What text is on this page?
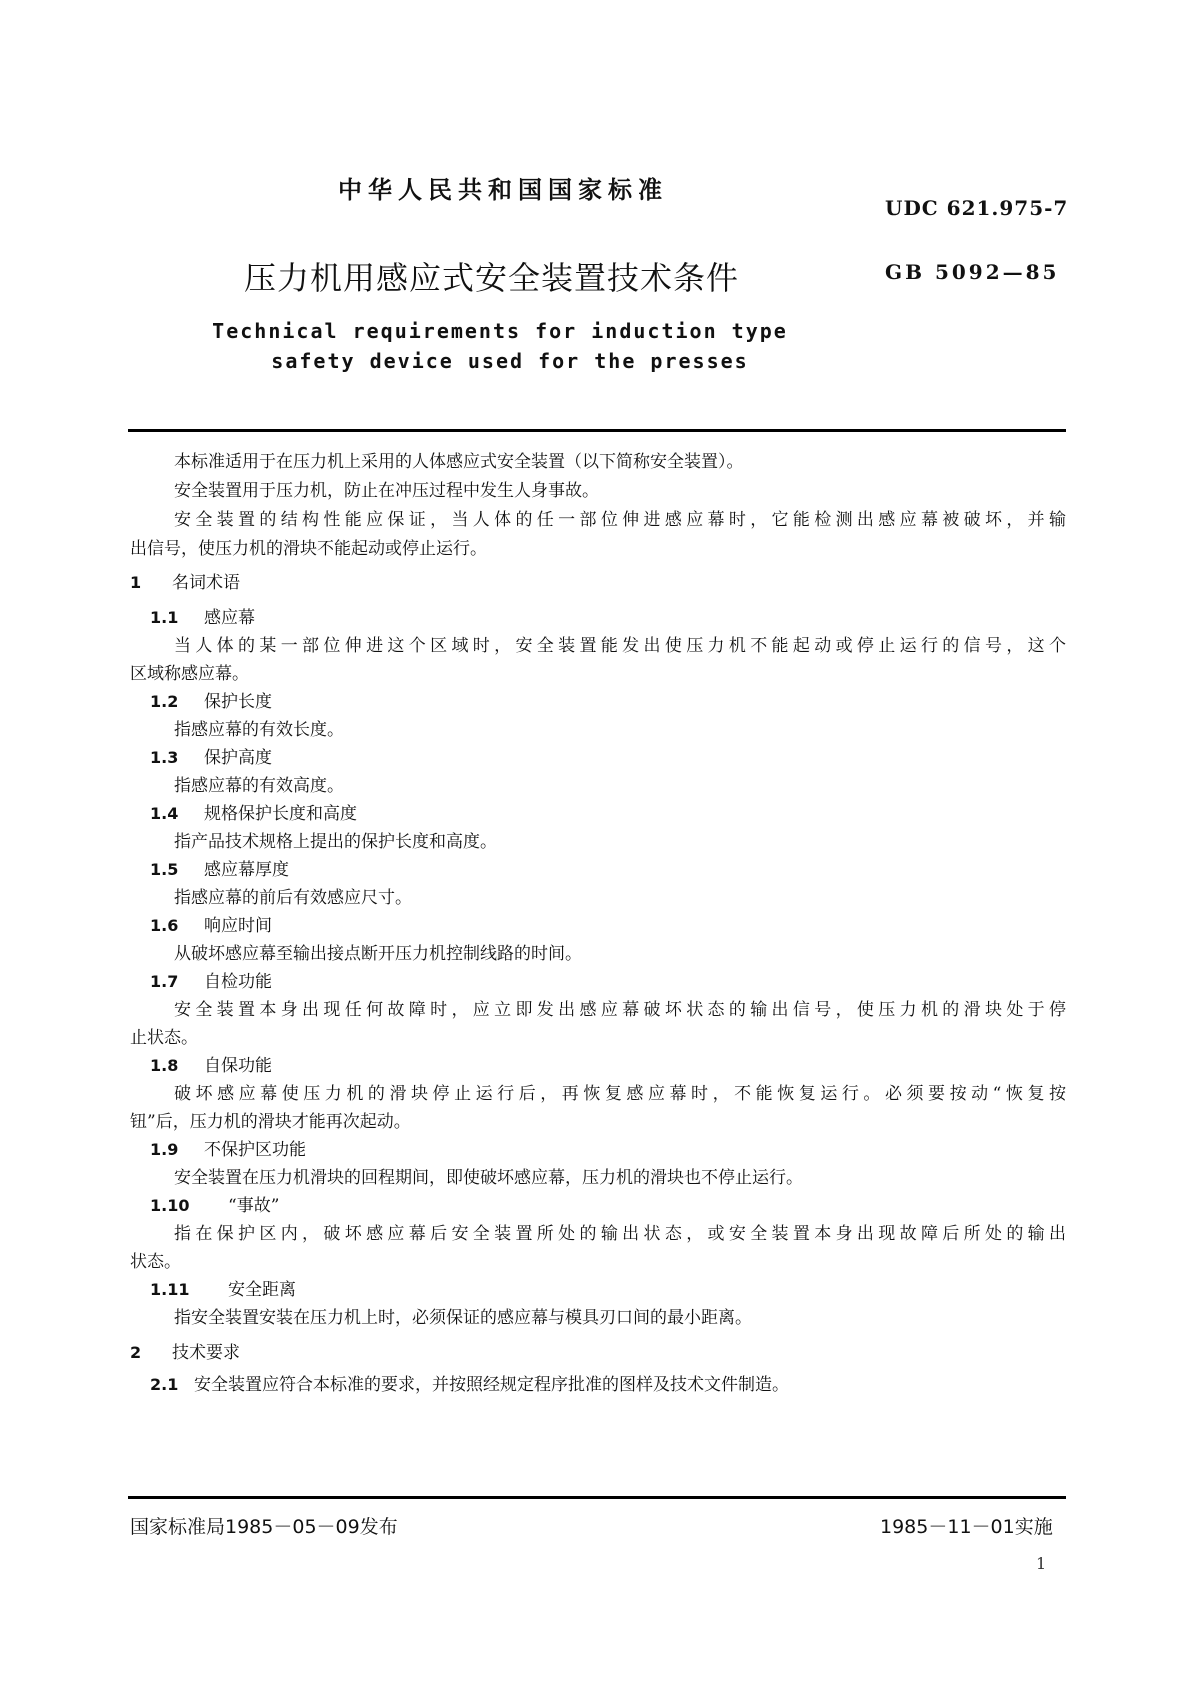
中华人民共和国国家标准
UDC 621.975-7
压力机用感应式安全装置技术条件	GB 5092—85
Technical requirements for induction type
safety device used for the presses
本标准适用于在压力机上采用的人体感应式安全装置（以下简称安全装置）。
安全装置用于压力机，防止在冲压过程中发生人身事故。
安全装置的结构性能应保证，当人体的任一部位伸进感应幕时，它能检测出感应幕被破坏，并输
出信号，使压力机的滑块不能起动或停止运行。
1 名词术语
1.1 感应幕
当人体的某一部位伸进这个区域时，安全装置能发出使压力机不能起动或停止运行的信号，这个
区域称感应幕。
1.2 保护长度
指感应幕的有效长度。
1.3 保护高度
指感应幕的有效高度。
1.4 规格保护长度和高度
指产品技术规格上提出的保护长度和高度。
1.5 感应幕厚度
指感应幕的前后有效感应尺寸。
1.6 响应时间
从破坏感应幕至输出接点断开压力机控制线路的时间。
1.7 自检功能
安全装置本身出现任何故障时，应立即发出感应幕破坏状态的输出信号，使压力机的滑块处于停
止状态。
1.8 自保功能
破坏感应幕使压力机的滑块停止运行后，再恢复感应幕时，不能恢复运行。必须要按动“恢复按
钮”后，压力机的滑块才能再次起动。
1.9 不保护区功能
安全装置在压力机滑块的回程期间，即使破坏感应幕，压力机的滑块也不停止运行。
1.10 “事故”
指在保护区内，破坏感应幕后安全装置所处的输出状态，或安全装置本身出现故障后所处的输出
状态。
1.11 安全距离
指安全装置安装在压力机上时，必须保证的感应幕与模具刃口间的最小距离。
2 技术要求
2.1 安全装置应符合本标准的要求，并按照经规定程序批准的图样及技术文件制造。
国家标准局1985－05－09发布	1985－11－01实施
1
